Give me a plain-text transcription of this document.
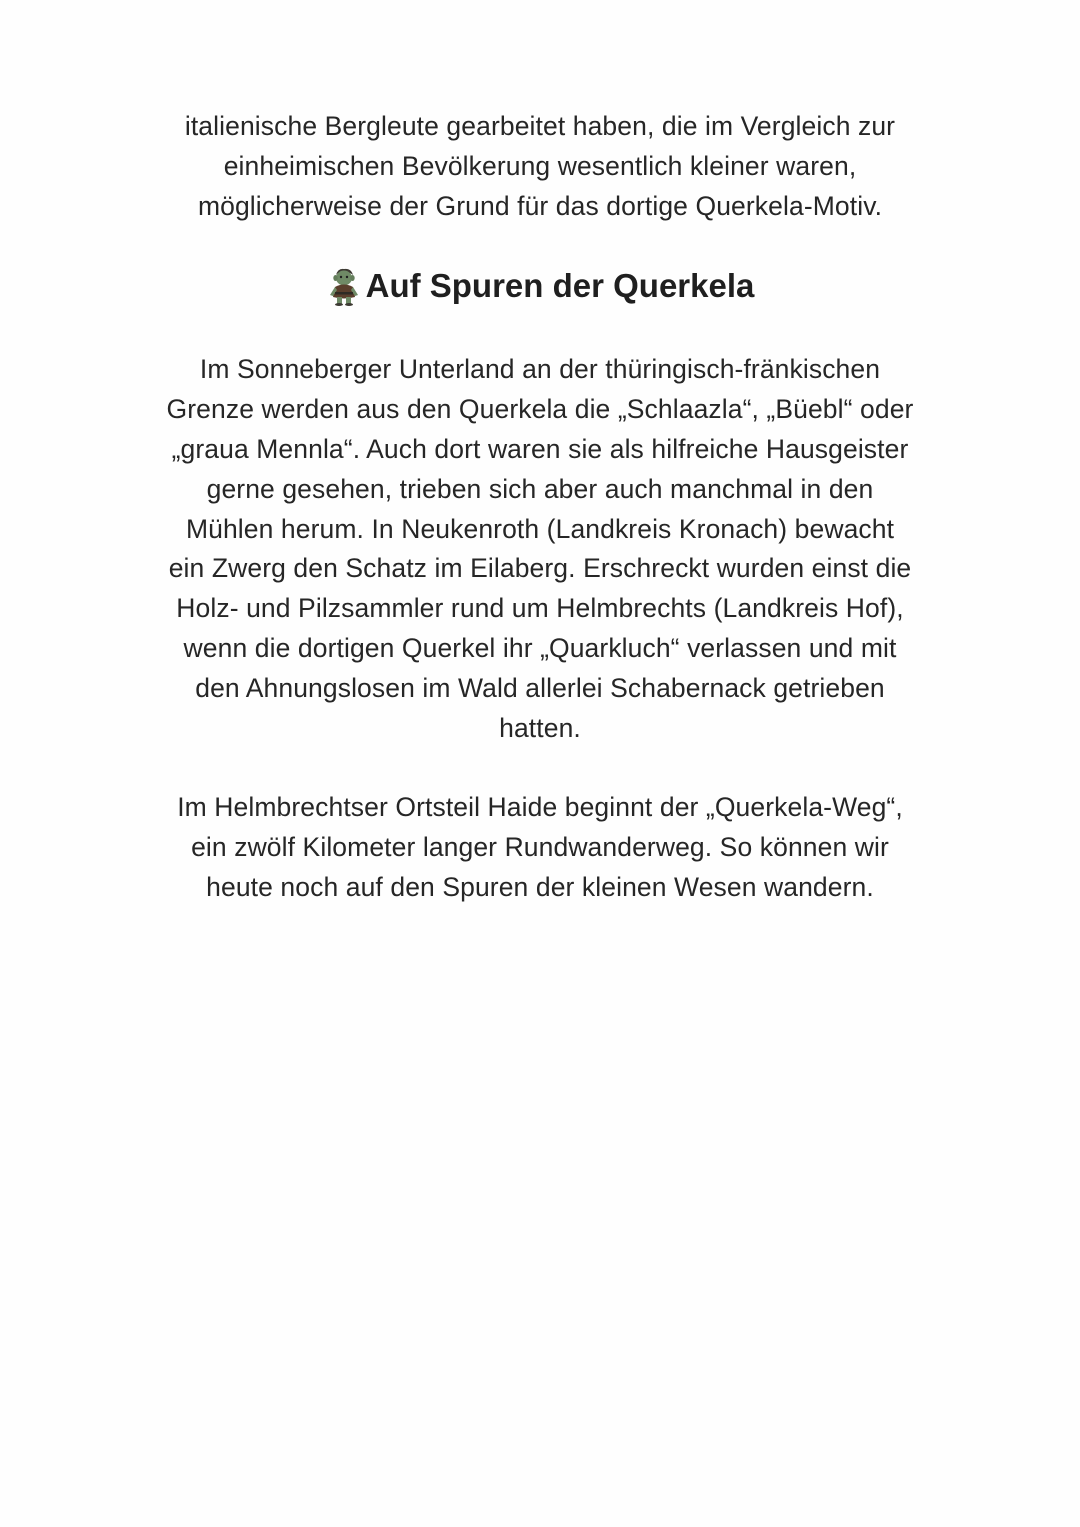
italienische Bergleute gearbeitet haben, die im Vergleich zur einheimischen Bevölkerung wesentlich kleiner waren, möglicherweise der Grund für das dortige Querkela-Motiv.

Auf Spuren der Querkela

Im Sonneberger Unterland an der thüringisch-fränkischen Grenze werden aus den Querkela die „Schlaazla“, „Büebl“ oder „graua Mennla“. Auch dort waren sie als hilfreiche Hausgeister gerne gesehen, trieben sich aber auch manchmal in den Mühlen herum. In Neukenroth (Landkreis Kronach) bewacht ein Zwerg den Schatz im Eilaberg. Erschreckt wurden einst die Holz- und Pilzsammler rund um Helmbrechts (Landkreis Hof), wenn die dortigen Querkel ihr „Quarkluch“ verlassen und mit den Ahnungslosen im Wald allerlei Schabernack getrieben hatten.

Im Helmbrechtser Ortsteil Haide beginnt der „Querkela-Weg“, ein zwölf Kilometer langer Rundwanderweg. So können wir heute noch auf den Spuren der kleinen Wesen wandern.
